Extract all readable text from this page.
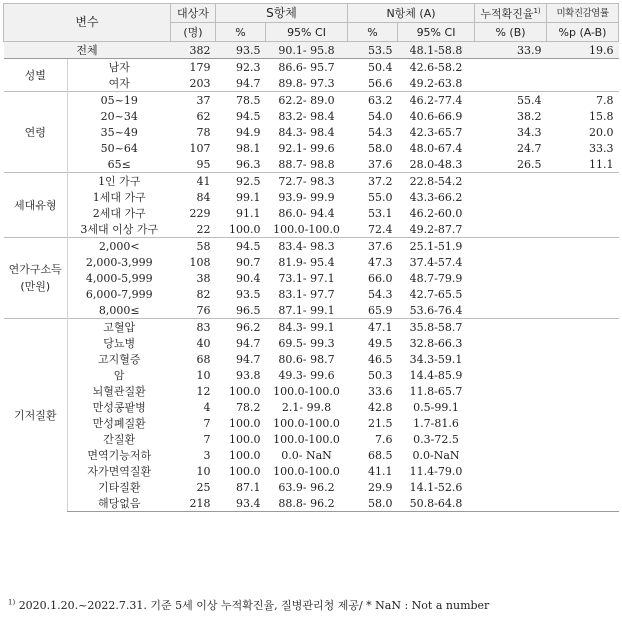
변수		대상자	S항체		N항체 (A)		누적확진율$^{1)}$	미확진감염률
		(명)	%	95% CI	%	95% CI	% (B)	%p (A-B)
전체		382	93.5	90.1- 95.8	53.5	48.1-58.8	33.9	19.6
성별	남자	179	92.3	86.6- 95.7	50.4	42.6-58.2		
	여자	203	94.7	89.8- 97.3	56.6	49.2-63.8		
연령	05~19	37	78.5	62.2- 89.0	63.2	46.2-77.4	55.4	7.8
	20~34	62	94.5	83.2- 98.4	54.0	40.6-66.9	38.2	15.8
	35~49	78	94.9	84.3- 98.4	54.3	42.3-65.7	34.3	20.0
	50~64	107	98.1	92.1- 99.6	58.0	48.0-67.4	24.7	33.3
	65≤	95	96.3	88.7- 98.8	37.6	28.0-48.3	26.5	11.1
세대유형	1인 가구	41	92.5	72.7- 98.3	37.2	22.8-54.2		
	1세대 가구	84	99.1	93.9- 99.9	55.0	43.3-66.2		
	2세대 가구	229	91.1	86.0- 94.4	53.1	46.2-60.0		
	3세대 이상 가구	22	100.0	100.0-100.0	72.4	49.2-87.7		
연가구소득(만원)	2,000<	58	94.5	83.4- 98.3	37.6	25.1-51.9		
	2,000-3,999	108	90.7	81.9- 95.4	47.3	37.4-57.4		
	4,000-5,999	38	90.4	73.1- 97.1	66.0	48.7-79.9		
	6,000-7,999	82	93.5	83.1- 97.7	54.3	42.7-65.5		
	8,000≤	76	96.5	87.1- 99.1	65.9	53.6-76.4		
기저질환	고혈압	83	96.2	84.3- 99.1	47.1	35.8-58.7		
	당뇨병	40	94.7	69.5- 99.3	49.5	32.8-66.3		
	고지혈증	68	94.7	80.6- 98.7	46.5	34.3-59.1		
	암	10	93.8	49.3- 99.6	50.3	14.4-85.9		
	뇌혈관질환	12	100.0	100.0-100.0	33.6	11.8-65.7		
	만성콩팥병	4	78.2	2.1- 99.8	42.8	0.5-99.1		
	만성폐질환	7	100.0	100.0-100.0	21.5	1.7-81.6		
	간질환	7	100.0	100.0-100.0	7.6	0.3-72.5		
	면역기능저하	3	100.0	0.0- NaN	68.5	0.0-NaN		
	자가면역질환	10	100.0	100.0-100.0	41.1	11.4-79.0		
	기타질환	25	87.1	63.9- 96.2	29.9	14.1-52.6		
	해당없음	218	93.4	88.8- 96.2	58.0	50.8-64.8		
$^{1)}$ 2020.1.20.~2022.7.31. 기준 5세 이상 누적확진율, 질병관리청 제공/ * NaN : Not a number
